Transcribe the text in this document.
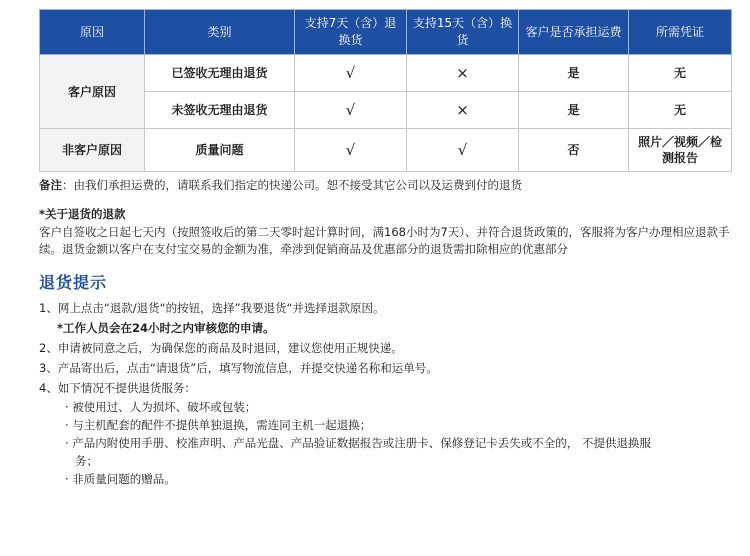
原因	类别	支持7天（含）退换货	支持15天（含）换货	客户是否承担运费	所需凭证
客户原因	已签收无理由退货	√	×	是	无
	未签收无理由退货	√	×	是	无
非客户原因	质量问题	√	√	否	照片／视频／检测报告
备注：由我们承担运费的，请联系我们指定的快递公司。恕不接受其它公司以及运费到付的退货
*关于退货的退款
客户自签收之日起七天内（按照签收后的第二天零时起计算时间，满168小时为7天）、并符合退货政策的，客服将为客户办理相应退款手续。退货金额以客户在支付宝交易的金额为准，牵涉到促销商品及优惠部分的退货需扣除相应的优惠部分
退货提示
1、网上点击“退款/退货“的按钮，选择”我要退货“并选择退款原因。
*工作人员会在24小时之内审核您的申请。
2、申请被同意之后，为确保您的商品及时退回，建议您使用正规快递。
3、产品寄出后，点击“请退货”后，填写物流信息，并提交快递名称和运单号。
4、如下情况不提供退货服务：
· 被使用过、人为损坏、破坏或包装；
· 与主机配套的配件不提供单独退换，需连同主机一起退换；
· 产品内附使用手册、校准声明、产品光盘、产品验证数据报告或注册卡、保修登记卡丢失或不全的， 不提供退换服
务；
· 非质量问题的赠品。
